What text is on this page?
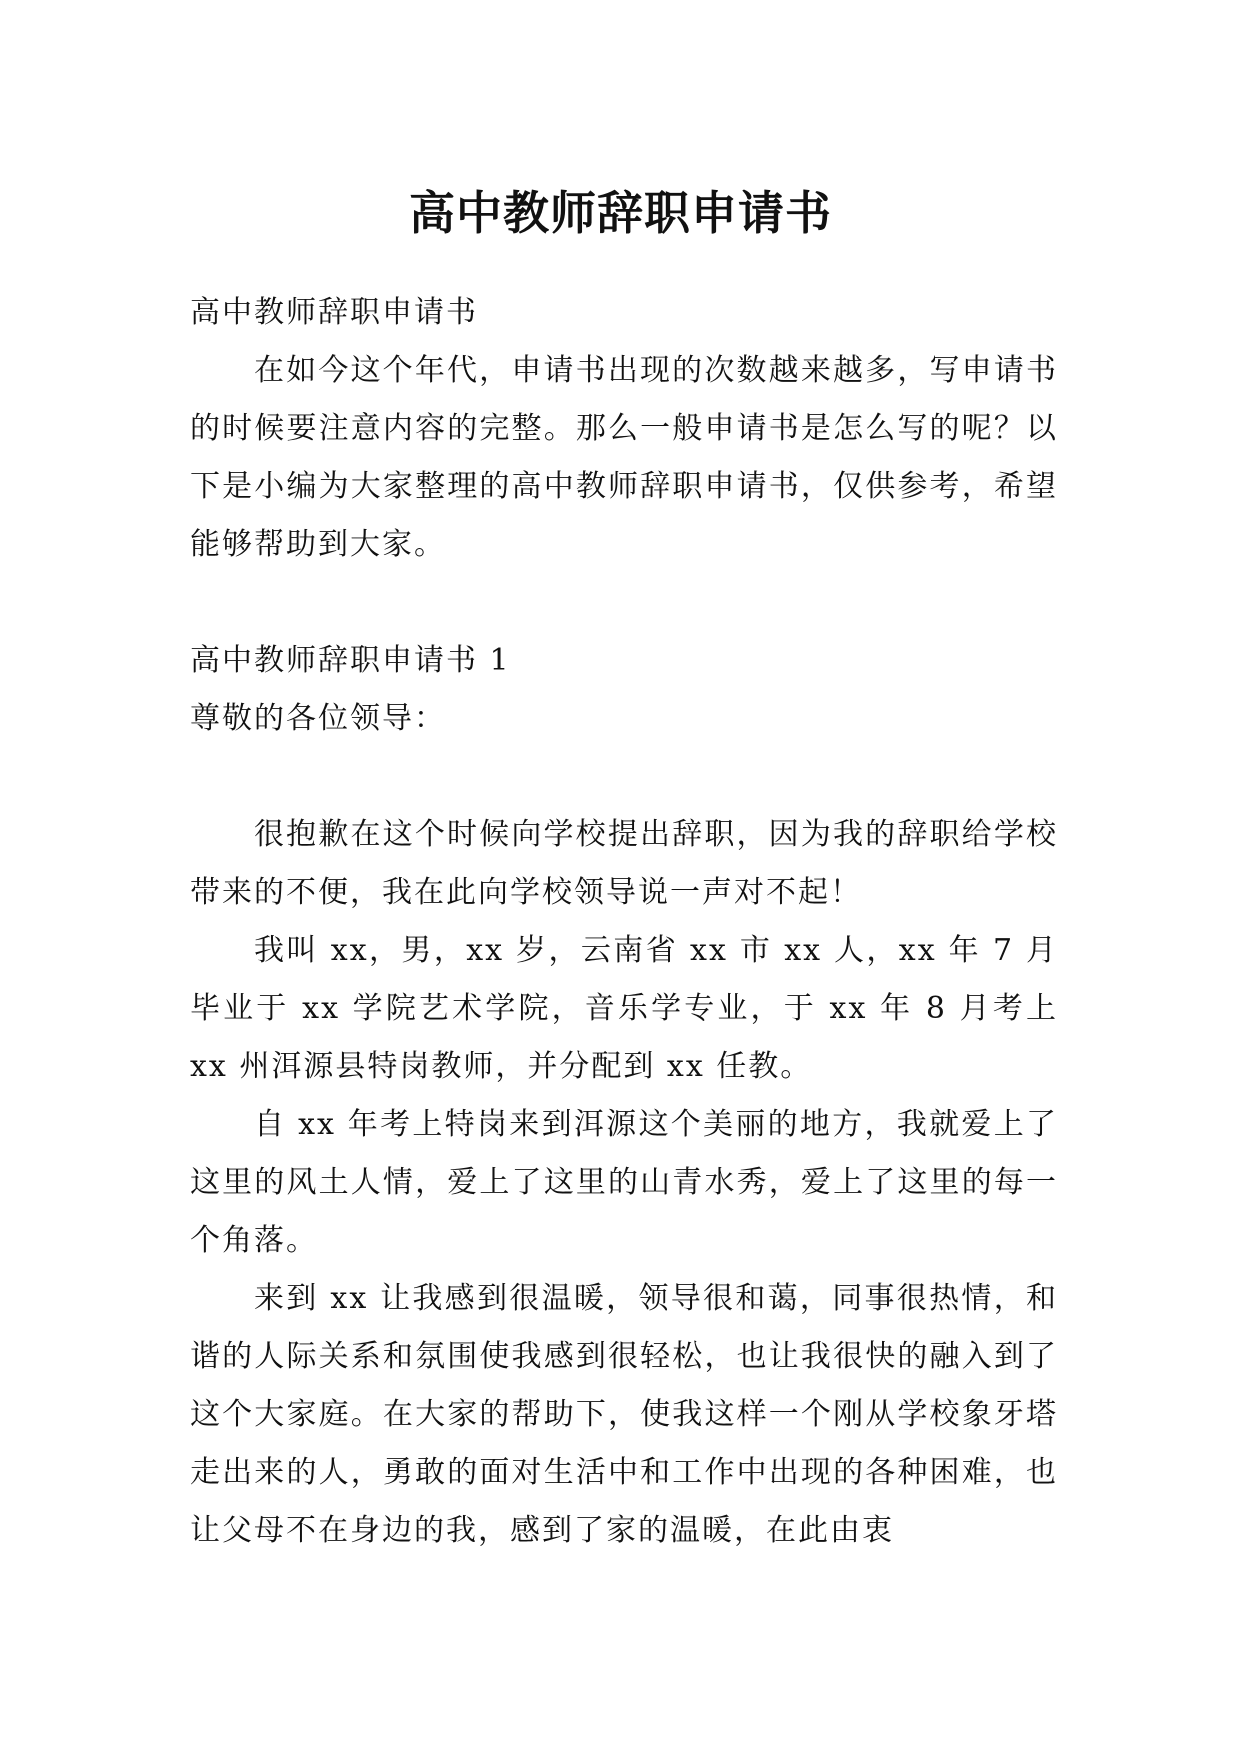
高中教师辞职申请书

高中教师辞职申请书

在如今这个年代，申请书出现的次数越来越多，写申请书的时候要注意内容的完整。那么一般申请书是怎么写的呢？以下是小编为大家整理的高中教师辞职申请书，仅供参考，希望能够帮助到大家。

高中教师辞职申请书 1

尊敬的各位领导：

很抱歉在这个时候向学校提出辞职，因为我的辞职给学校带来的不便，我在此向学校领导说一声对不起！

我叫 xx，男，xx 岁，云南省 xx 市 xx 人，xx 年 7 月毕业于 xx 学院艺术学院，音乐学专业，于 xx 年 8 月考上 xx 州洱源县特岗教师，并分配到 xx 任教。

自 xx 年考上特岗来到洱源这个美丽的地方，我就爱上了这里的风土人情，爱上了这里的山青水秀，爱上了这里的每一个角落。

来到 xx 让我感到很温暖，领导很和蔼，同事很热情，和谐的人际关系和氛围使我感到很轻松，也让我很快的融入到了这个大家庭。在大家的帮助下，使我这样一个刚从学校象牙塔走出来的人，勇敢的面对生活中和工作中出现的各种困难，也让父母不在身边的我，感到了家的温暖，在此由衷
